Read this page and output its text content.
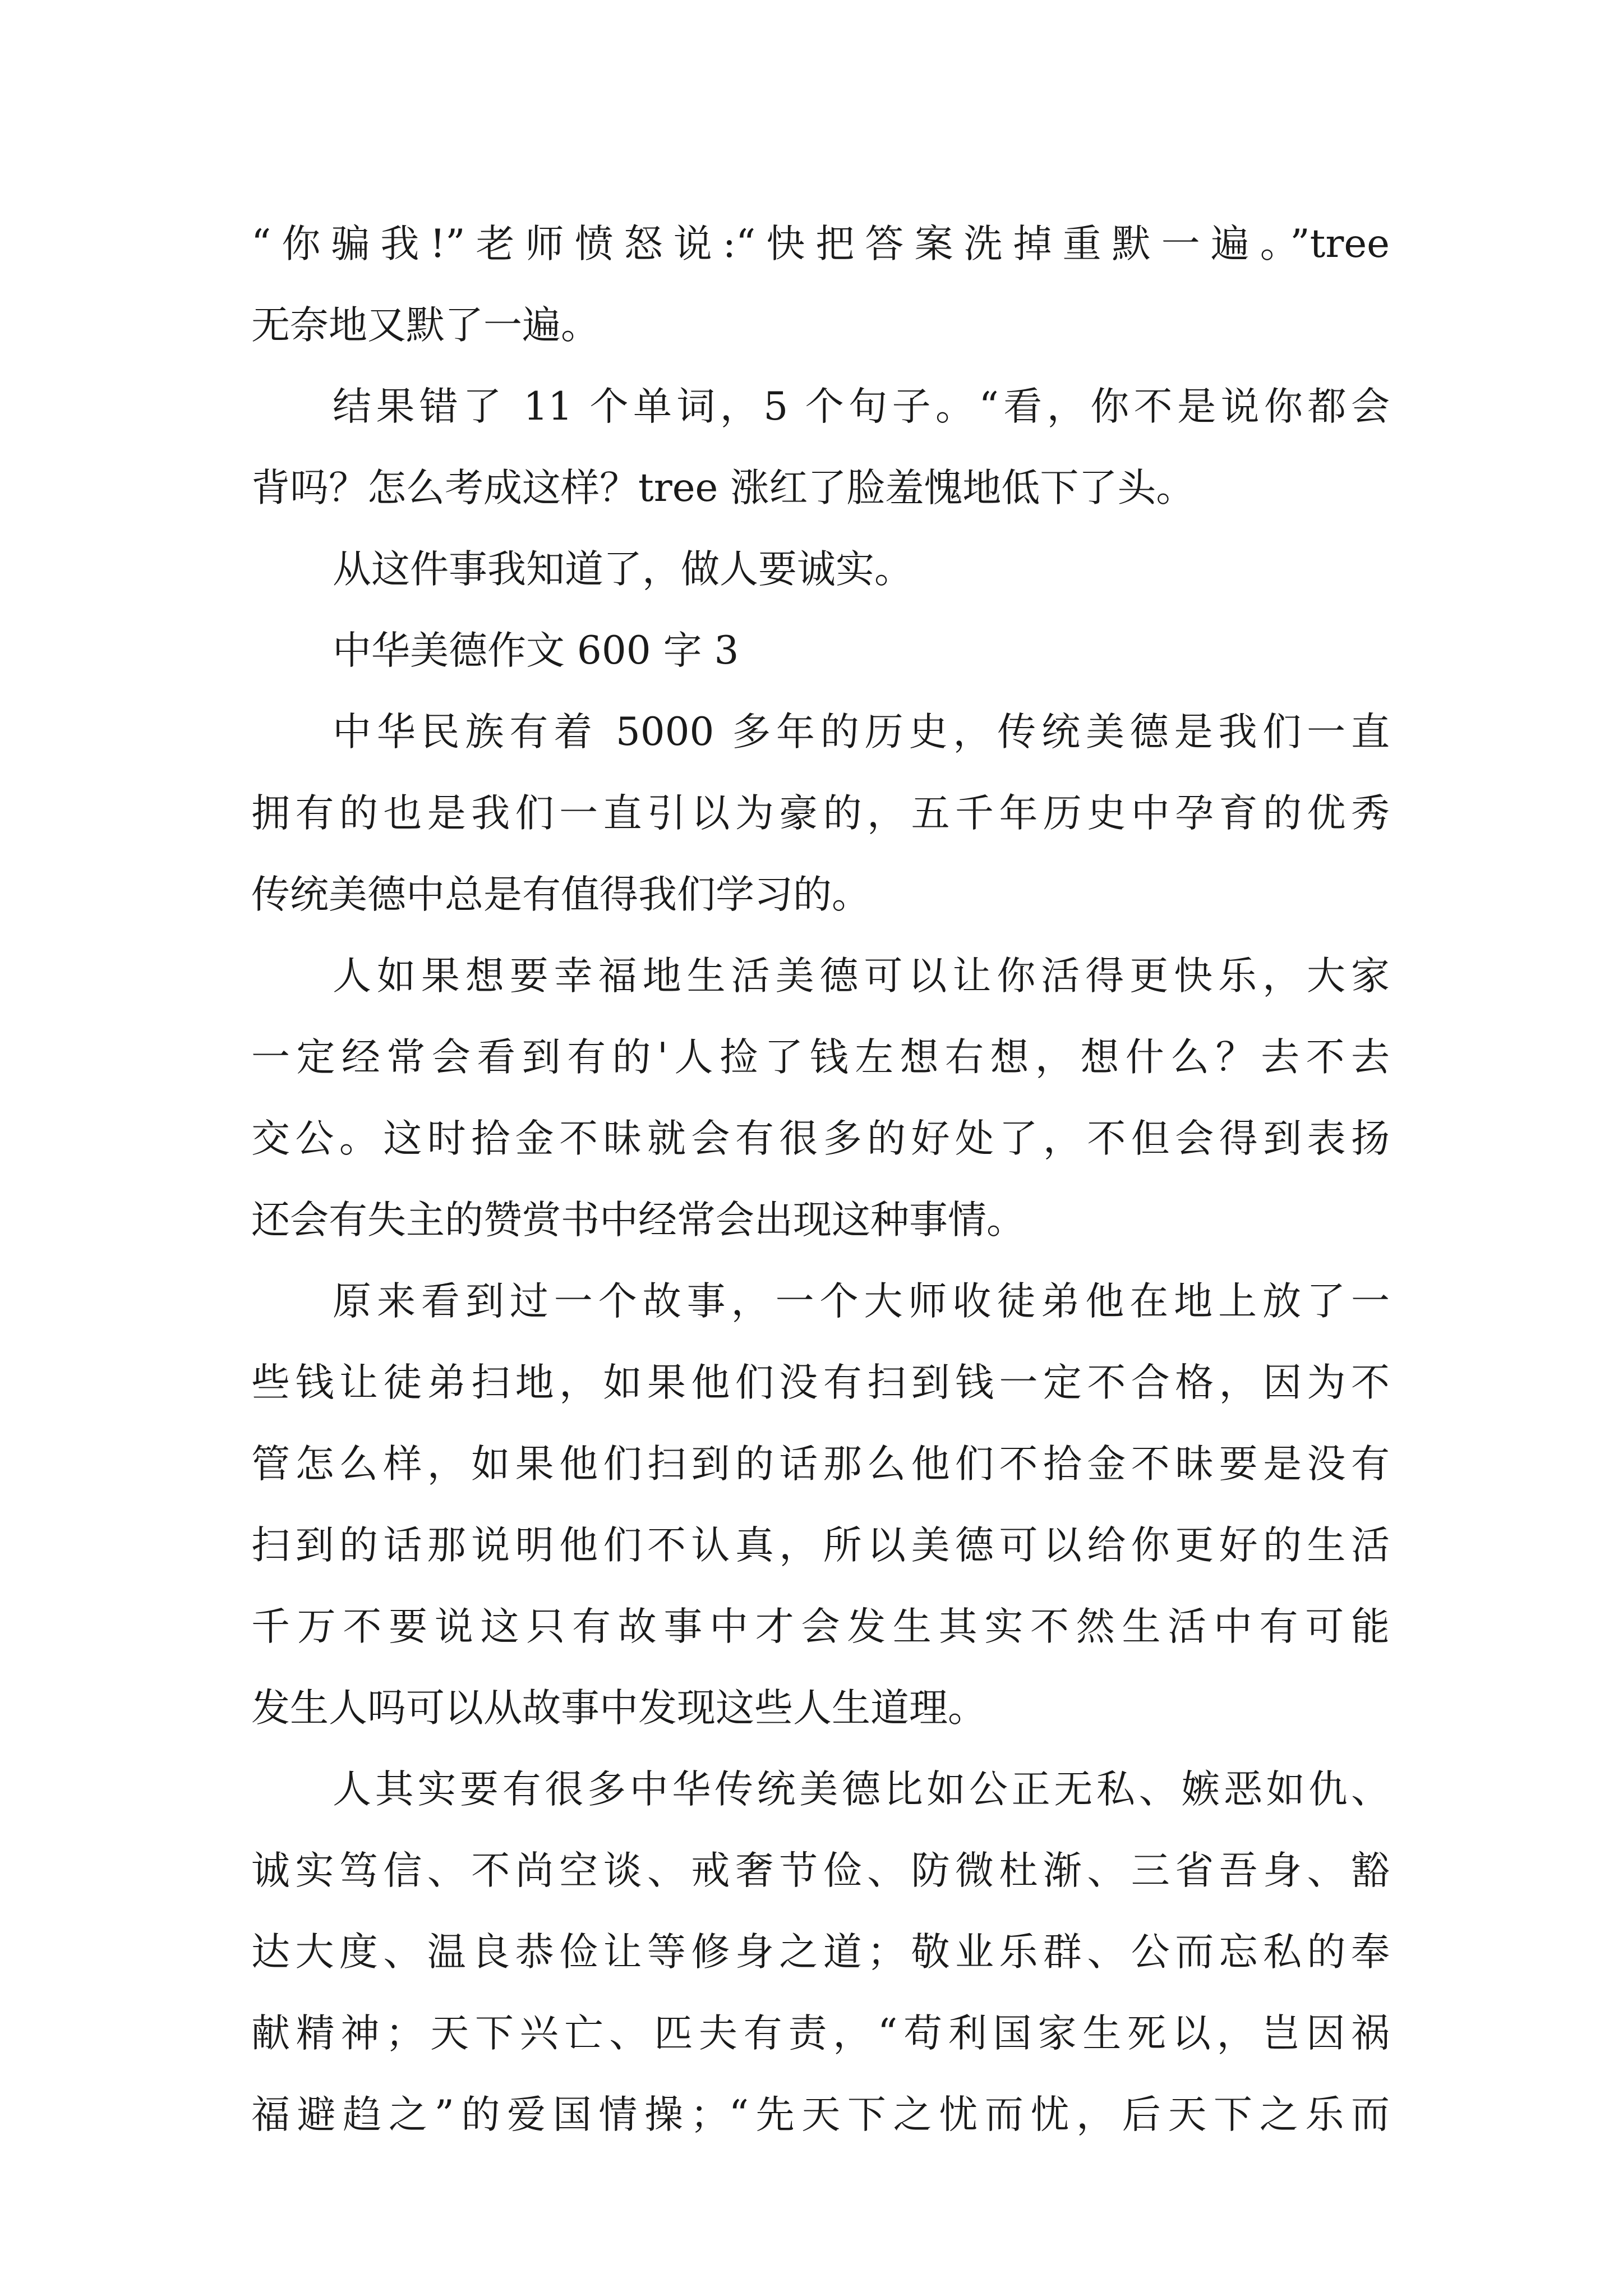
“你骗我!”老师愤怒说:“快把答案洗掉重默一遍。”tree
无奈地又默了一遍。
结果错了 11 个单词，5 个句子。“看，你不是说你都会
背吗？怎么考成这样？tree 涨红了脸羞愧地低下了头。
从这件事我知道了，做人要诚实。
中华美德作文 600 字 3
中华民族有着 5000 多年的历史，传统美德是我们一直
拥有的也是我们一直引以为豪的，五千年历史中孕育的优秀
传统美德中总是有值得我们学习的。
人如果想要幸福地生活美德可以让你活得更快乐，大家
一定经常会看到有的'人捡了钱左想右想，想什么？去不去
交公。这时拾金不昧就会有很多的好处了，不但会得到表扬
还会有失主的赞赏书中经常会出现这种事情。
原来看到过一个故事，一个大师收徒弟他在地上放了一
些钱让徒弟扫地，如果他们没有扫到钱一定不合格，因为不
管怎么样，如果他们扫到的话那么他们不拾金不昧要是没有
扫到的话那说明他们不认真，所以美德可以给你更好的生活
千万不要说这只有故事中才会发生其实不然生活中有可能
发生人吗可以从故事中发现这些人生道理。
人其实要有很多中华传统美德比如公正无私、嫉恶如仇、
诚实笃信、不尚空谈、戒奢节俭、防微杜渐、三省吾身、豁
达大度、温良恭俭让等修身之道；敬业乐群、公而忘私的奉
献精神；天下兴亡、匹夫有责，“苟利国家生死以，岂因祸
福避趋之”的爱国情操；“先天下之忧而忧，后天下之乐而
